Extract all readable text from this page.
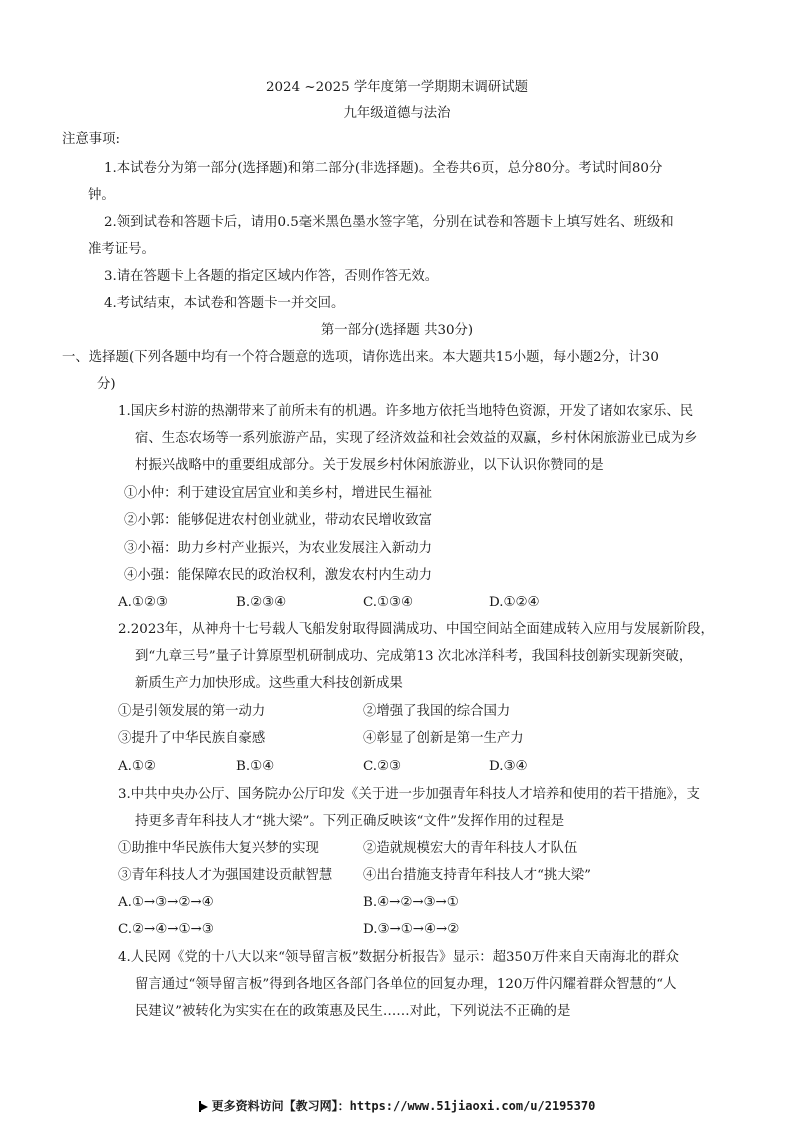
2024 ~2025 学年度第一学期期末调研试题
九年级道德与法治
注意事项:
1.本试卷分为第一部分(选择题)和第二部分(非选择题)。全卷共6页，总分80分。考试时间80分
钟。
2.领到试卷和答题卡后，请用0.5毫米黑色墨水签字笔，分别在试卷和答题卡上填写姓名、班级和
准考证号。
3.请在答题卡上各题的指定区域内作答，否则作答无效。
4.考试结束，本试卷和答题卡一并交回。
第一部分(选择题 共30分)
一、选择题(下列各题中均有一个符合题意的选项，请你选出来。本大题共15小题，每小题2分，计30
分)
1.国庆乡村游的热潮带来了前所未有的机遇。许多地方依托当地特色资源，开发了诸如农家乐、民
宿、生态农场等一系列旅游产品，实现了经济效益和社会效益的双赢，乡村休闲旅游业已成为乡
村振兴战略中的重要组成部分。关于发展乡村休闲旅游业，以下认识你赞同的是
①小仲：利于建设宜居宜业和美乡村，增进民生福祉
②小郭：能够促进农村创业就业，带动农民增收致富
③小福：助力乡村产业振兴，为农业发展注入新动力
④小强：能保障农民的政治权利，激发农村内生动力
A.①②③	B.②③④	C.①③④	D.①②④
2.2023年，从神舟十七号载人飞船发射取得圆满成功、中国空间站全面建成转入应用与发展新阶段，
到“九章三号”量子计算原型机研制成功、完成第13 次北冰洋科考，我国科技创新实现新突破，
新质生产力加快形成。这些重大科技创新成果
①是引领发展的第一动力	②增强了我国的综合国力
③提升了中华民族自豪感	④彰显了创新是第一生产力
A.①②	B.①④	C.②③	D.③④
3.中共中央办公厅、国务院办公厅印发《关于进一步加强青年科技人才培养和使用的若干措施》，支
持更多青年科技人才“挑大梁”。下列正确反映该“文件”发挥作用的过程是
①助推中华民族伟大复兴梦的实现	②造就规模宏大的青年科技人才队伍
③青年科技人才为强国建设贡献智慧 ④出台措施支持青年科技人才“挑大梁”
A.①→③→②→④	B.④→②→③→①
C.②→④→①→③	D.③→①→④→②
4.人民网《党的十八大以来“领导留言板”数据分析报告》显示：超350万件来自天南海北的群众
留言通过“领导留言板”得到各地区各部门各单位的回复办理，120万件闪耀着群众智慧的“人
民建议”被转化为实实在在的政策惠及民生……对此，下列说法不正确的是
更多资料访问【教习网】：https://www.51jiaoxi.com/u/2195370
